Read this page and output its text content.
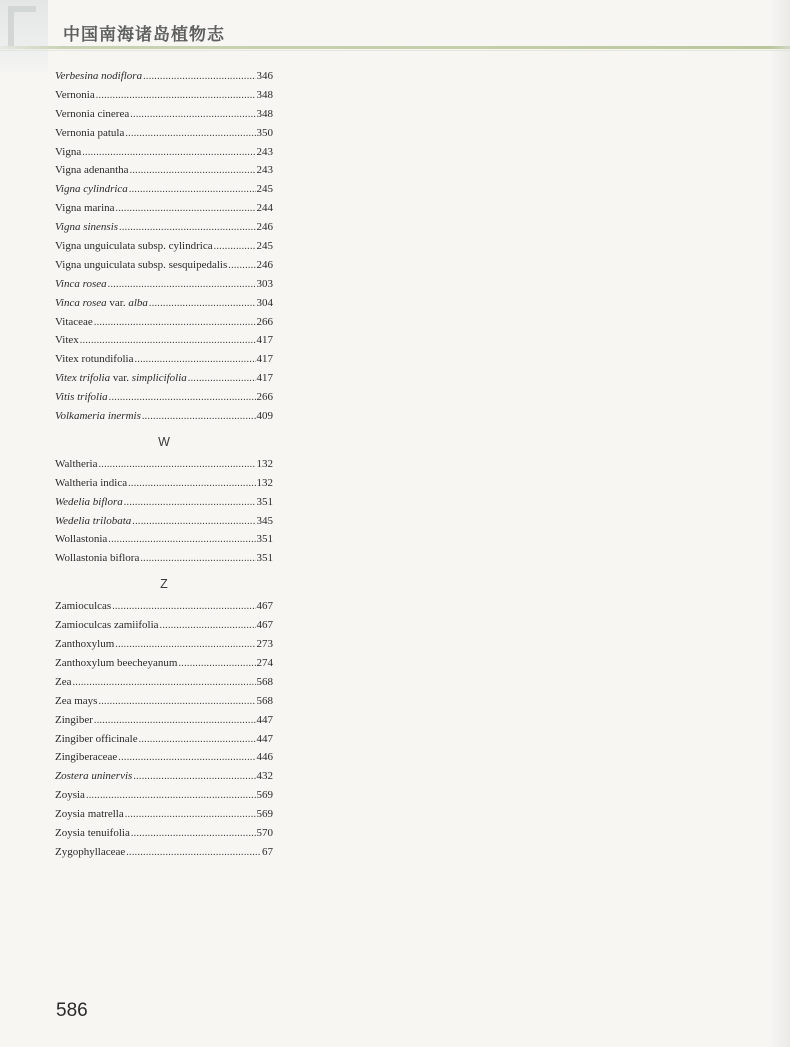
中国南海诸岛植物志
Verbesina nodiflora .....	346
Vernonia .....	348
Vernonia cinerea .....	348
Vernonia patula .....	350
Vigna .....	243
Vigna adenantha .....	243
Vigna cylindrica .....	245
Vigna marina .....	244
Vigna sinensis .....	246
Vigna unguiculata subsp. cylindrica .....	245
Vigna unguiculata subsp. sesquipedalis .....	246
Vinca rosea .....	303
Vinca rosea var. alba .....	304
Vitaceae .....	266
Vitex .....	417
Vitex rotundifolia .....	417
Vitex trifolia var. simplicifolia .....	417
Vitis trifolia .....	266
Volkameria inermis .....	409
W
Waltheria .....	132
Waltheria indica .....	132
Wedelia biflora .....	351
Wedelia trilobata .....	345
Wollastonia .....	351
Wollastonia biflora .....	351
Z
Zamioculcas .....	467
Zamioculcas zamiifolia .....	467
Zanthoxylum .....	273
Zanthoxylum beecheyanum .....	274
Zea .....	568
Zea mays .....	568
Zingiber .....	447
Zingiber officinale .....	447
Zingiberaceae .....	446
Zostera uninervis .....	432
Zoysia .....	569
Zoysia matrella .....	569
Zoysia tenuifolia .....	570
Zygophyllaceae .....	67
586
